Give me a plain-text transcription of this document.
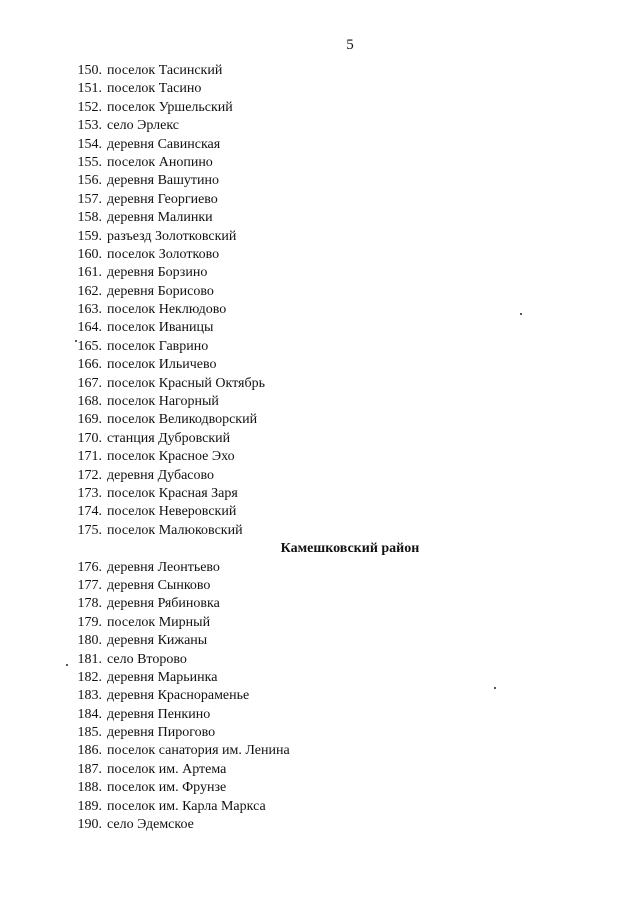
5
150. поселок Тасинский
151. поселок Тасино
152. поселок Уршельский
153. село Эрлекс
154. деревня Савинская
155. поселок Анопино
156. деревня Вашутино
157. деревня Георгиево
158. деревня Малинки
159. разъезд Золотковский
160. поселок Золотково
161. деревня Борзино
162. деревня Борисово
163. поселок Неклюдово
164. поселок Иваницы
165. поселок Гаврино
166. поселок Ильичево
167. поселок Красный Октябрь
168. поселок Нагорный
169. поселок Великодворский
170. станция Дубровский
171. поселок Красное Эхо
172. деревня Дубасово
173. поселок Красная Заря
174. поселок Неверовский
175. поселок Малюковский
Камешковский район
176. деревня Леонтьево
177. деревня Сынково
178. деревня Рябиновка
179. поселок Мирный
180. деревня Кижаны
181. село Второво
182. деревня Марьинка
183. деревня Краснораменье
184. деревня Пенкино
185. деревня Пирогово
186. поселок санатория им. Ленина
187. поселок им. Артема
188. поселок им. Фрунзе
189. поселок им. Карла Маркса
190. село Эдемское
